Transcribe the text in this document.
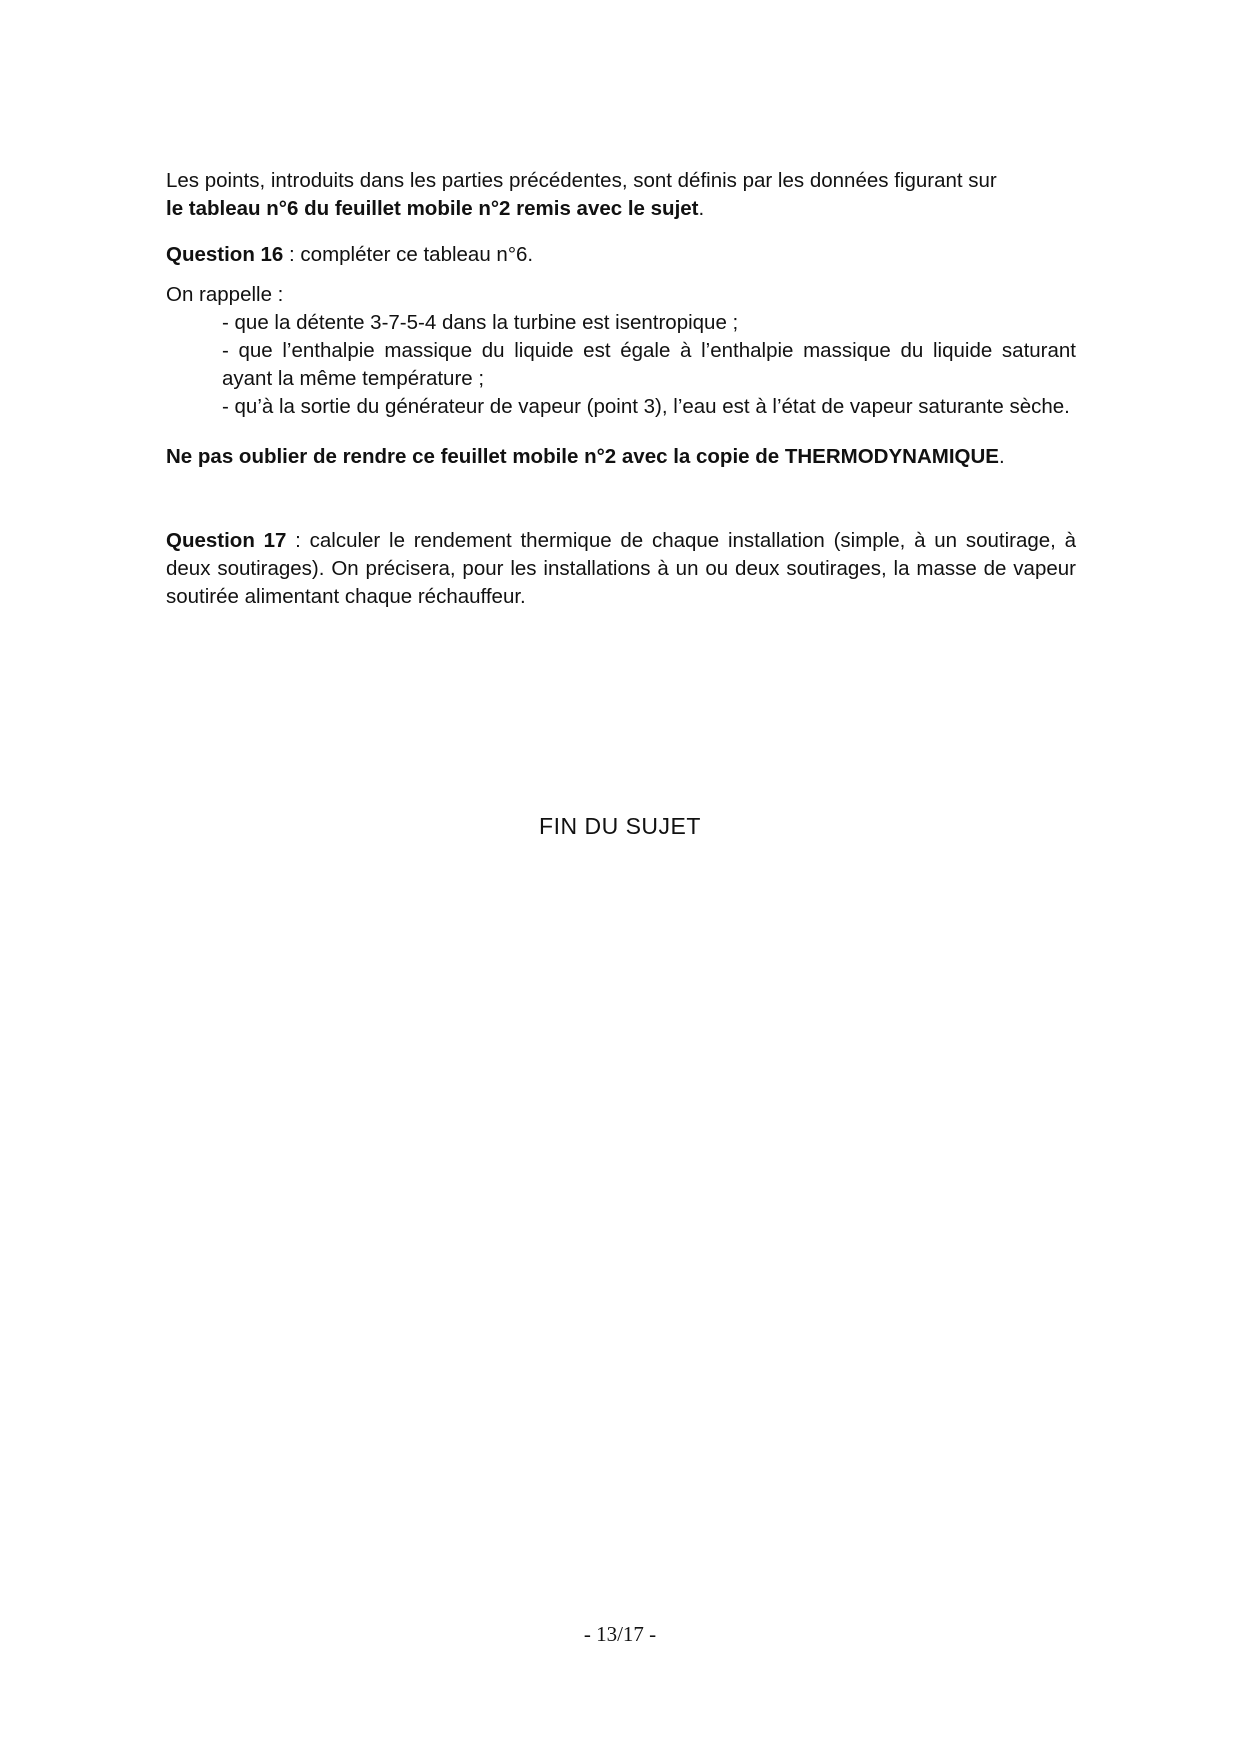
Les points, introduits dans les parties précédentes, sont définis par les données figurant sur
le tableau n°6 du feuillet mobile n°2 remis avec le sujet.

Question 16 : compléter ce tableau n°6.

On rappelle :

- que la détente 3-7-5-4 dans la turbine est isentropique ;
- que l’enthalpie massique du liquide est égale à l’enthalpie massique du liquide saturant ayant la même température ;
- qu’à la sortie du générateur de vapeur (point 3), l’eau est à l’état de vapeur saturante sèche.

Ne pas oublier de rendre ce feuillet mobile n°2 avec la copie de THERMODYNAMIQUE.

Question 17 : calculer le rendement thermique de chaque installation (simple, à un soutirage, à deux soutirages). On précisera, pour les installations à un ou deux soutirages, la masse de vapeur soutirée alimentant chaque réchauffeur.

FIN DU SUJET
- 13/17 -
